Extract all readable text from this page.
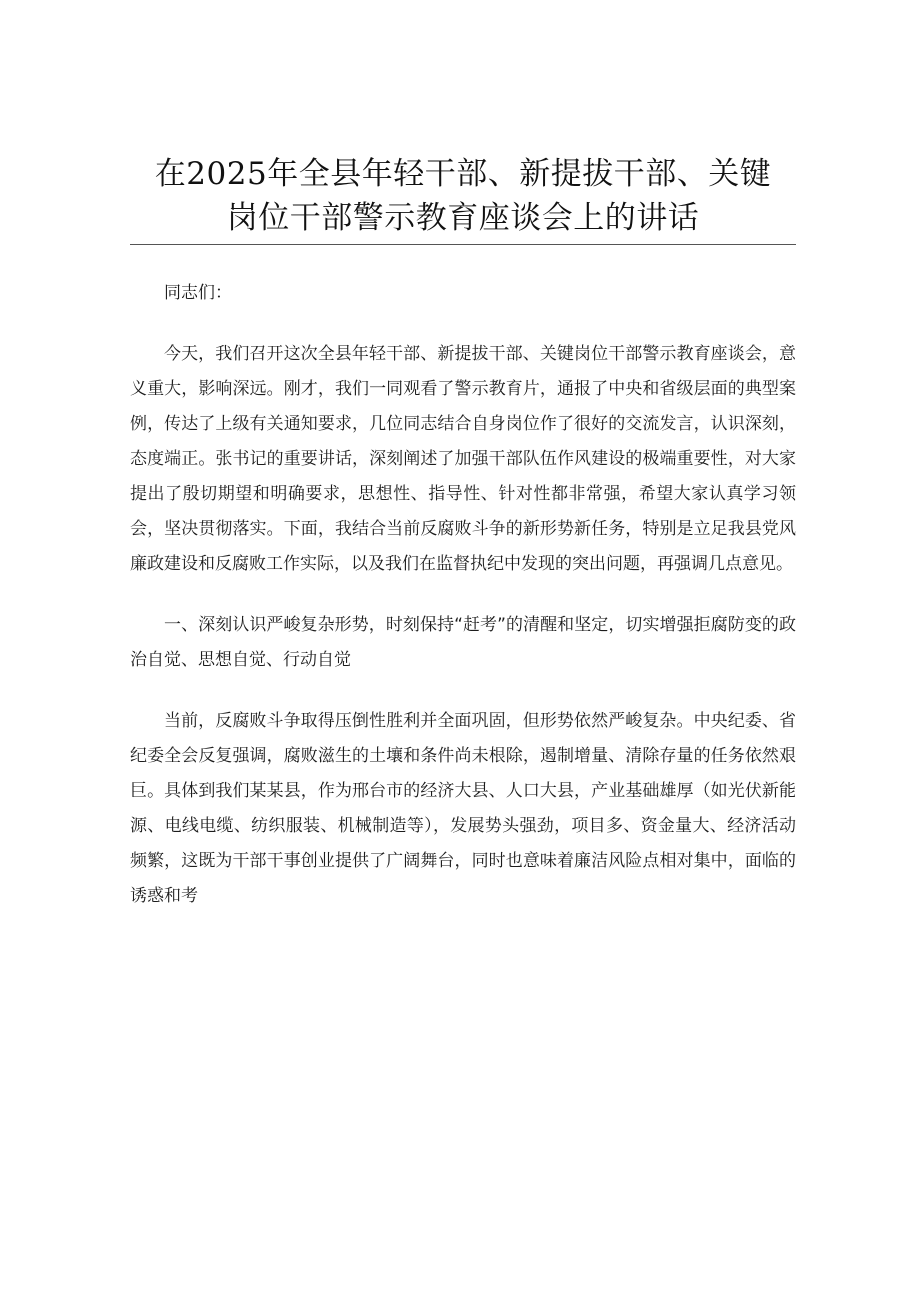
在2025年全县年轻干部、新提拔干部、关键
岗位干部警示教育座谈会上的讲话

同志们：

今天，我们召开这次全县年轻干部、新提拔干部、关键岗位干部警示教育座谈会，意义重大，影响深远。刚才，我们一同观看了警示教育片，通报了中央和省级层面的典型案例，传达了上级有关通知要求，几位同志结合自身岗位作了很好的交流发言，认识深刻，态度端正。张书记的重要讲话，深刻阐述了加强干部队伍作风建设的极端重要性，对大家提出了殷切期望和明确要求，思想性、指导性、针对性都非常强，希望大家认真学习领会，坚决贯彻落实。下面，我结合当前反腐败斗争的新形势新任务，特别是立足我县党风廉政建设和反腐败工作实际，以及我们在监督执纪中发现的突出问题，再强调几点意见。

一、深刻认识严峻复杂形势，时刻保持“赶考”的清醒和坚定，切实增强拒腐防变的政治自觉、思想自觉、行动自觉

当前，反腐败斗争取得压倒性胜利并全面巩固，但形势依然严峻复杂。中央纪委、省纪委全会反复强调，腐败滋生的土壤和条件尚未根除，遏制增量、清除存量的任务依然艰巨。具体到我们某某县，作为邢台市的经济大县、人口大县，产业基础雄厚（如光伏新能源、电线电缆、纺织服装、机械制造等），发展势头强劲，项目多、资金量大、经济活动频繁，这既为干部干事创业提供了广阔舞台，同时也意味着廉洁风险点相对集中，面临的诱惑和考
